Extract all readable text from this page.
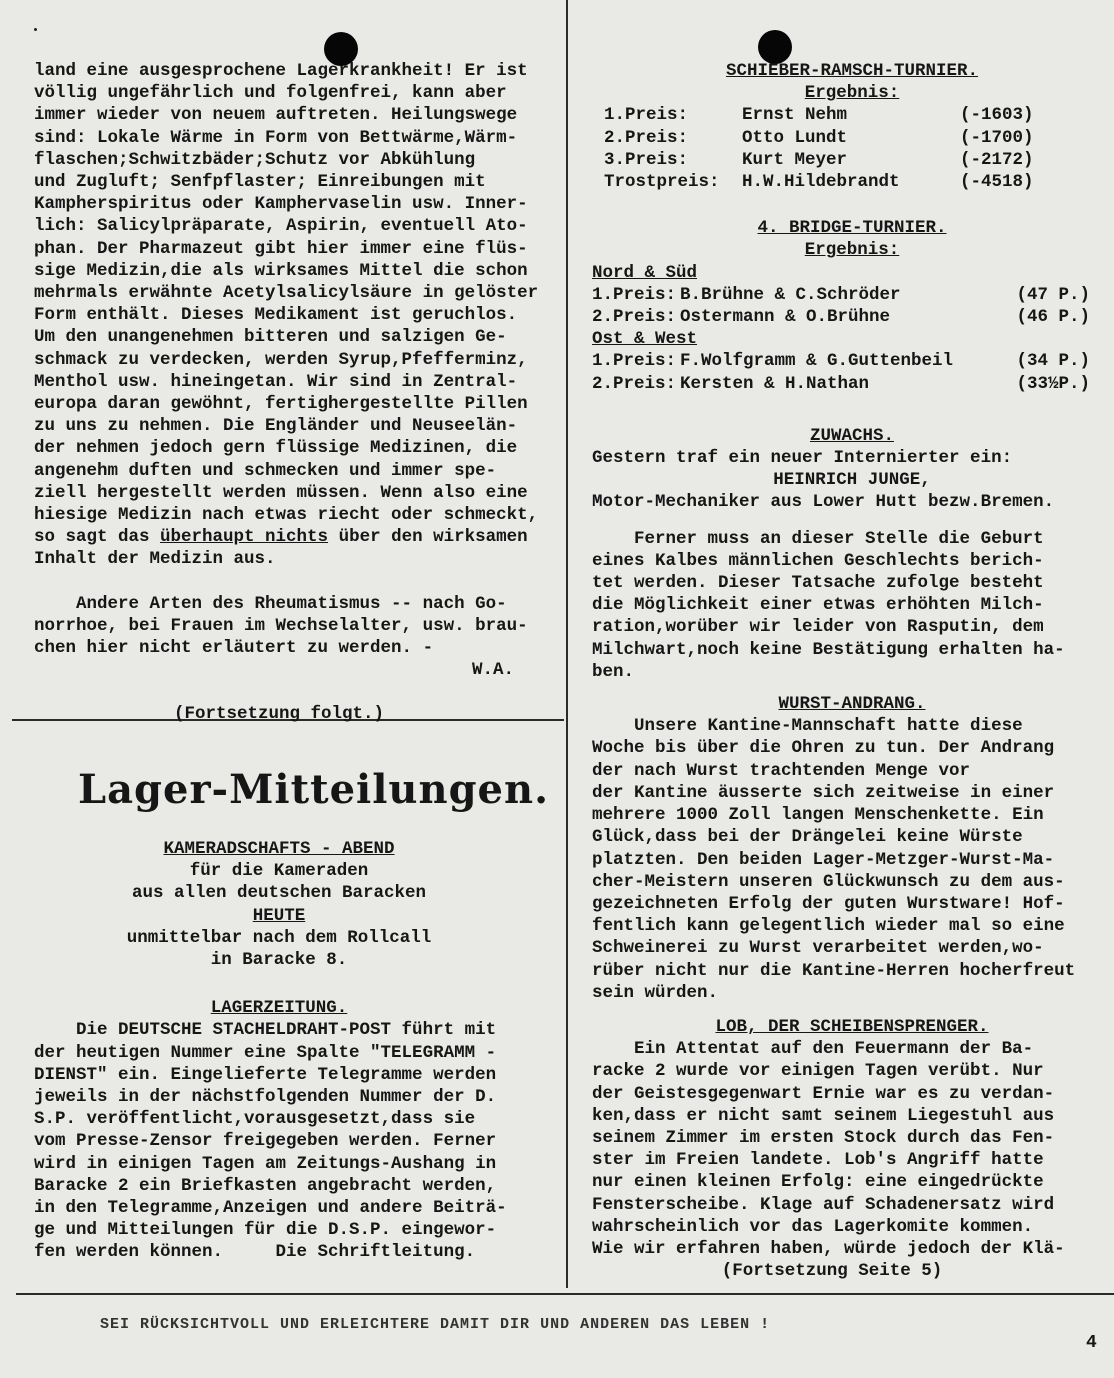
land eine ausgesprochene Lagerkrankheit! Er ist

völlig ungefährlich und folgenfrei, kann aber

immer wieder von neuem auftreten. Heilungswege

sind: Lokale Wärme in Form von Bettwärme,Wärm-

flaschen;Schwitzbäder;Schutz vor Abkühlung

und Zugluft; Senfpflaster; Einreibungen mit

Kampherspiritus oder Kamphervaselin usw. Inner-

lich: Salicylpräparate, Aspirin, eventuell Ato-

phan. Der Pharmazeut gibt hier immer eine flüs-

sige Medizin,die als wirksames Mittel die schon

mehrmals erwähnte Acetylsalicylsäure in gelöster

Form enthält. Dieses Medikament ist geruchlos.

Um den unangenehmen bitteren und salzigen Ge-

schmack zu verdecken, werden Syrup,Pfefferminz,

Menthol usw. hineingetan. Wir sind in Zentral-

europa daran gewöhnt, fertighergestellte Pillen

zu uns zu nehmen. Die Engländer und Neuseelän-

der nehmen jedoch gern flüssige Medizinen, die

angenehm duften und schmecken und immer spe-

ziell hergestellt werden müssen. Wenn also eine

hiesige Medizin nach etwas riecht oder schmeckt,

so sagt das überhaupt nichts über den wirksamen

Inhalt der Medizin aus.

Andere Arten des Rheumatismus -- nach Go-

norrhoe, bei Frauen im Wechselalter, usw. brau-

chen hier nicht erläutert zu werden. -

W.A.

(Fortsetzung folgt.)

Lager-Mitteilungen.

KAMERADSCHAFTS - ABEND

für die Kameraden

aus allen deutschen Baracken

HEUTE

unmittelbar nach dem Rollcall

in Baracke 8.

LAGERZEITUNG.

Die DEUTSCHE STACHELDRAHT-POST führt mit

der heutigen Nummer eine Spalte "TELEGRAMM -

DIENST" ein. Eingelieferte Telegramme werden

jeweils in der nächstfolgenden Nummer der D.

S.P. veröffentlicht,vorausgesetzt,dass sie

vom Presse-Zensor freigegeben werden. Ferner

wird in einigen Tagen am Zeitungs-Aushang in

Baracke 2 ein Briefkasten angebracht werden,

in den Telegramme,Anzeigen und andere Beiträ-

ge und Mitteilungen für die D.S.P. eingewor-

fen werden können.     Die Schriftleitung.

SCHIEBER-RAMSCH-TURNIER.

Ergebnis:

1.Preis:	Ernst Nehm	(-1603)
2.Preis:	Otto Lundt	(-1700)
3.Preis:	Kurt Meyer	(-2172)
Trostpreis:	H.W.Hildebrandt	(-4518)

4. BRIDGE-TURNIER.

Ergebnis:

Nord & Süd

1.Preis:	B.Brühne & C.Schröder	(47 P.)
2.Preis:	Ostermann & O.Brühne	(46 P.)

Ost & West

1.Preis:	F.Wolfgramm & G.Guttenbeil	(34 P.)
2.Preis:	Kersten & H.Nathan	(33½P.)

ZUWACHS.

Gestern traf ein neuer Internierter ein:

HEINRICH JUNGE,

Motor-Mechaniker aus Lower Hutt bezw.Bremen.

Ferner muss an dieser Stelle die Geburt

eines Kalbes männlichen Geschlechts berich-

tet werden. Dieser Tatsache zufolge besteht

die Möglichkeit einer etwas erhöhten Milch-

ration,worüber wir leider von Rasputin, dem

Milchwart,noch keine Bestätigung erhalten ha-

ben.

WURST-ANDRANG.

Unsere Kantine-Mannschaft hatte diese

Woche bis über die Ohren zu tun. Der Andrang

der nach Wurst trachtenden Menge vor

der Kantine äusserte sich zeitweise in einer

mehrere 1000 Zoll langen Menschenkette. Ein

Glück,dass bei der Drängelei keine Würste

platzten. Den beiden Lager-Metzger-Wurst-Ma-

cher-Meistern unseren Glückwunsch zu dem aus-

gezeichneten Erfolg der guten Wurstware! Hof-

fentlich kann gelegentlich wieder mal so eine

Schweinerei zu Wurst verarbeitet werden,wo-

rüber nicht nur die Kantine-Herren hocherfreut

sein würden.

LOB, DER SCHEIBENSPRENGER.

Ein Attentat auf den Feuermann der Ba-

racke 2 wurde vor einigen Tagen verübt. Nur

der Geistesgegenwart Ernie war es zu verdan-

ken,dass er nicht samt seinem Liegestuhl aus

seinem Zimmer im ersten Stock durch das Fen-

ster im Freien landete. Lob's Angriff hatte

nur einen kleinen Erfolg: eine eingedrückte

Fensterscheibe. Klage auf Schadenersatz wird

wahrscheinlich vor das Lagerkomite kommen.

Wie wir erfahren haben, würde jedoch der Klä-

(Fortsetzung Seite 5)

SEI RÜCKSICHTVOLL UND ERLEICHTERE DAMIT DIR UND ANDEREN DAS LEBEN !
4
